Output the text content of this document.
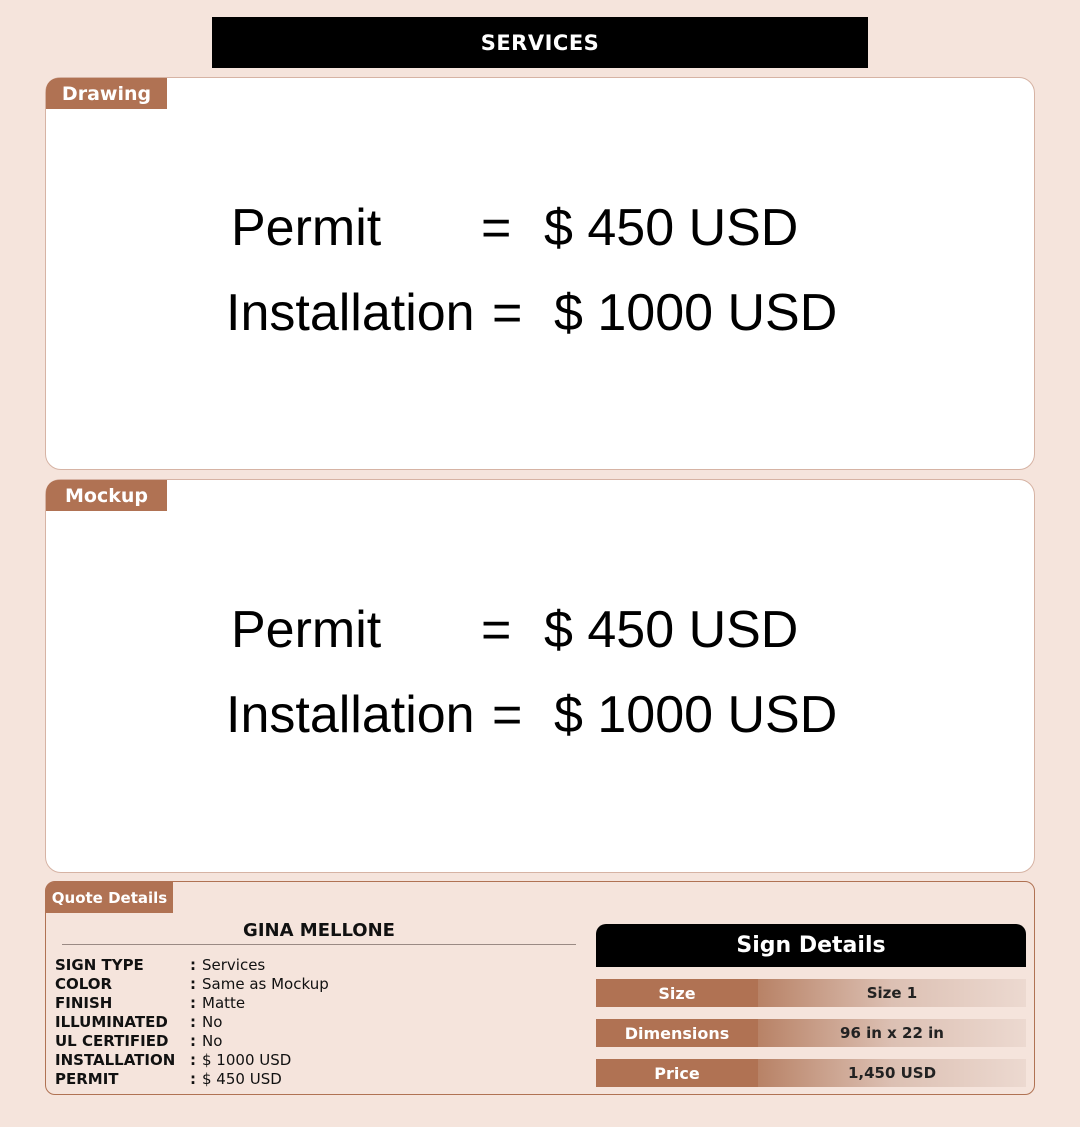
SERVICES
Drawing
Permit = $ 450 USD
Installation = $ 1000 USD
Mockup
Permit = $ 450 USD
Installation = $ 1000 USD
Quote Details
GINA MELLONE
SIGN TYPE	: Services
COLOR	: Same as Mockup
FINISH	: Matte
ILLUMINATED : No
UL CERTIFIED : No
INSTALLATION : $ 1000 USD
PERMIT	: $ 450 USD
Sign Details
Size	Size 1
Dimensions	96 in x 22 in
Price	1,450 USD
